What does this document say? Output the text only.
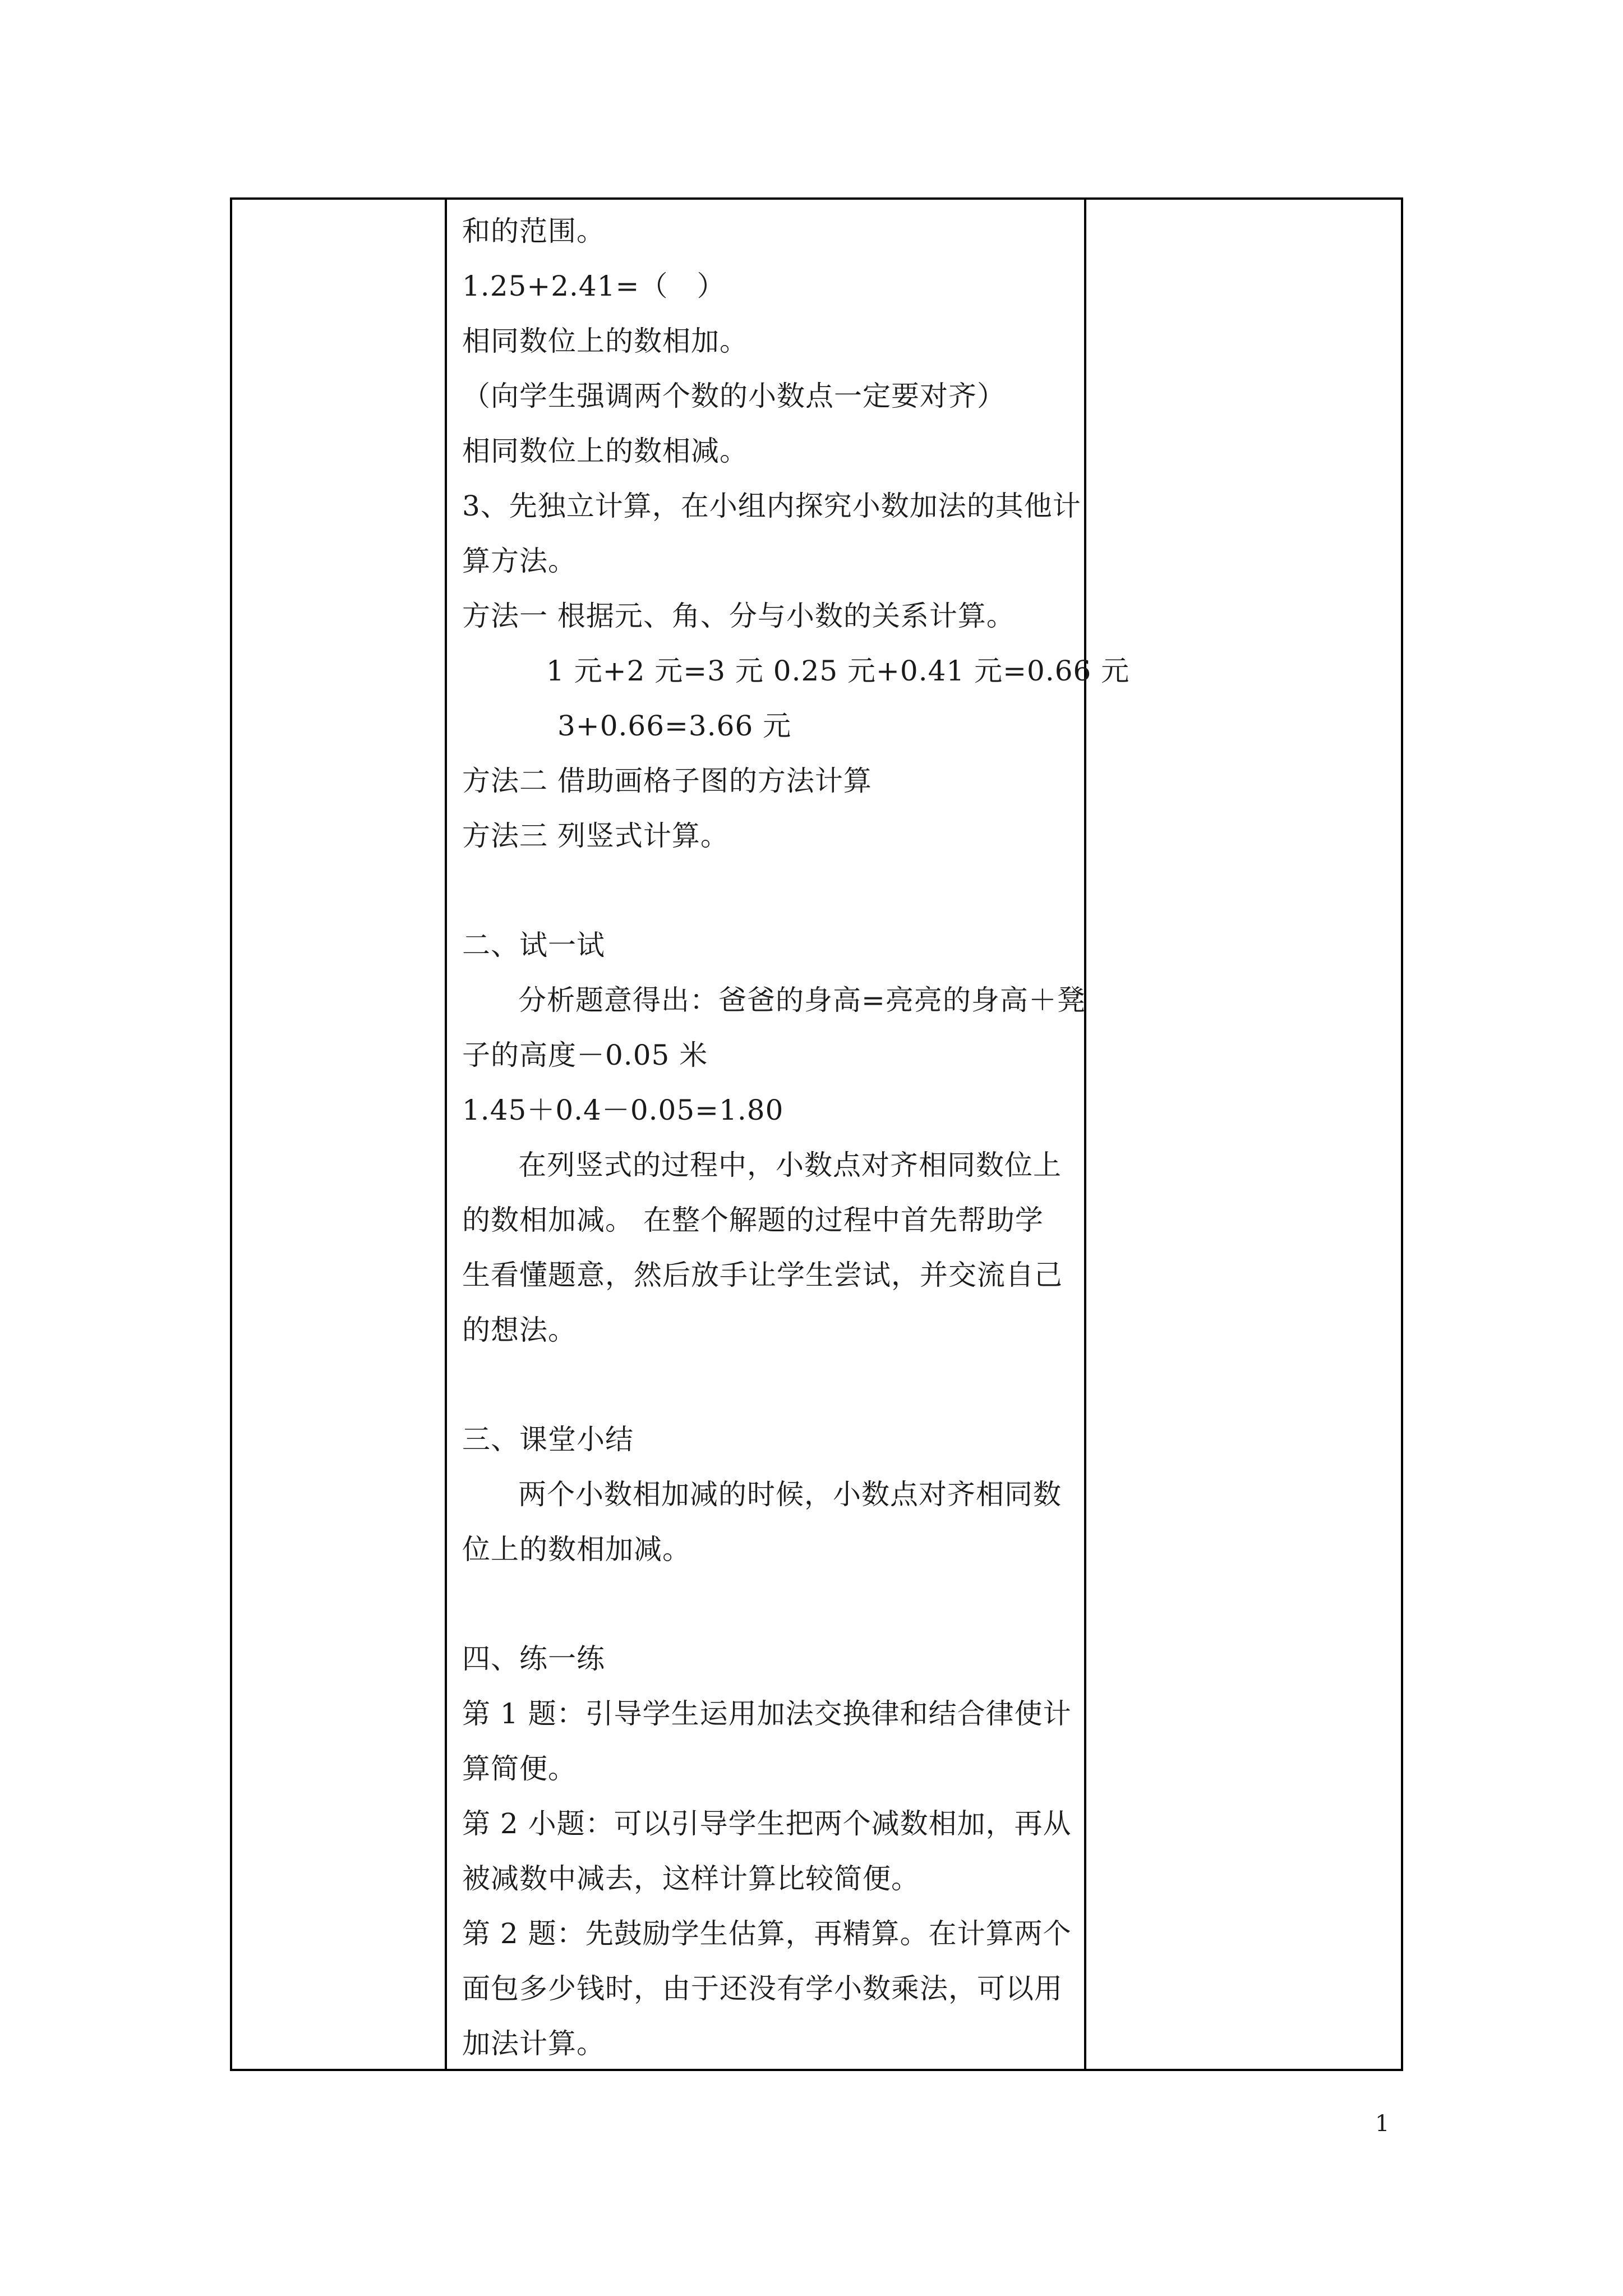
和的范围。
1.25+2.41=（　）
相同数位上的数相加。
（向学生强调两个数的小数点一定要对齐）
相同数位上的数相减。
3、先独立计算，在小组内探究小数加法的其他计
算方法。
方法一 根据元、角、分与小数的关系计算。
1 元+2 元=3 元 0.25 元+0.41 元=0.66 元
3+0.66=3.66 元
方法二 借助画格子图的方法计算
方法三 列竖式计算。
二、试一试
分析题意得出：爸爸的身高=亮亮的身高＋凳
子的高度－0.05 米
1.45＋0.4－0.05=1.80
在列竖式的过程中，小数点对齐相同数位上
的数相加减。 在整个解题的过程中首先帮助学
生看懂题意，然后放手让学生尝试，并交流自己
的想法。
三、课堂小结
两个小数相加减的时候，小数点对齐相同数
位上的数相加减。
四、练一练
第 1 题：引导学生运用加法交换律和结合律使计
算简便。
第 2 小题：可以引导学生把两个减数相加，再从
被减数中减去，这样计算比较简便。
第 2 题：先鼓励学生估算，再精算。在计算两个
面包多少钱时，由于还没有学小数乘法，可以用
加法计算。
1
